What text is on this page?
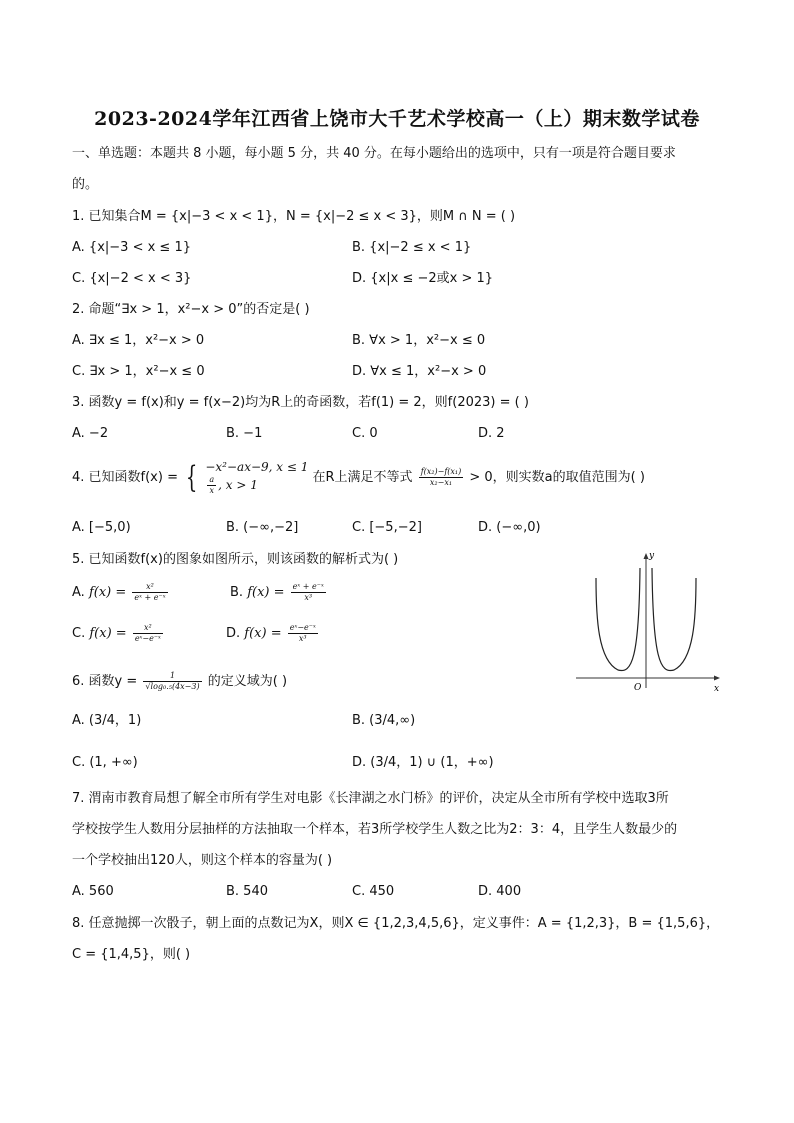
2023-2024学年江西省上饶市大千艺术学校高一（上）期末数学试卷
一、单选题：本题共 8 小题，每小题 5 分，共 40 分。在每小题给出的选项中，只有一项是符合题目要求
的。
1. 已知集合M = {x|−3 < x < 1}，N = {x|−2 ≤ x < 3}，则M ∩ N = ( )
A. {x|−3 < x ≤ 1}	B. {x|−2 ≤ x < 1}
C. {x|−2 < x < 3}	D. {x|x ≤ −2或x > 1}
2. 命题“∃x > 1，x²−x > 0”的否定是( )
A. ∃x ≤ 1，x²−x > 0	B. ∀x > 1，x²−x ≤ 0
C. ∃x > 1，x²−x ≤ 0	D. ∀x ≤ 1，x²−x > 0
3. 函数y = f(x)和y = f(x−2)均为R上的奇函数，若f(1) = 2，则f(2023) = ( )
A. −2	B. −1	C. 0	D. 2
4. 已知函数f(x) = { −x²−ax−9, x ≤ 1
$\frac{a}{x}$ , x > 1	在R上满足不等式 $\frac{\text{f(x₂)−f(x₁)}}{\text{x₂−x₁}} > 0$，则实数a的取值范围为( )
A. [−5,0)	B. (−∞,−2]	C. [−5,−2]	D. (−∞,0)
5. 已知函数f(x)的图象如图所示，则该函数的解析式为( )
A. $f(x) = \frac{\text{x²}}{\text{eˣ + e⁻ˣ}}$	B. $f(x) = \frac{\text{eˣ + e⁻ˣ}}{\text{x³}}$
C. $f(x) = \frac{\text{x²}}{\text{eˣ−e⁻ˣ}}$	D. $f(x) = \frac{\text{eˣ−e⁻ˣ}}{\text{x³}}$
y
x
O
6. 函数$y = \frac{1}{\text{√log₀.₅(4x−3)}}$ 的定义域为( )
A. (3/4，1)	B. (3/4,∞)
C. (1, +∞)	D. (3/4，1) ∪ (1，+∞)
7. 渭南市教育局想了解全市所有学生对电影《长津湖之水门桥》的评价，决定从全市所有学校中选取3所
学校按学生人数用分层抽样的方法抽取一个样本，若3所学校学生人数之比为2：3：4，且学生人数最少的
一个学校抽出120人，则这个样本的容量为( )
A. 560	B. 540	C. 450	D. 400
8. 任意抛掷一次骰子，朝上面的点数记为X，则X ∈ {1,2,3,4,5,6}，定义事件：A = {1,2,3}，B = {1,5,6}，
C = {1,4,5}，则( )
